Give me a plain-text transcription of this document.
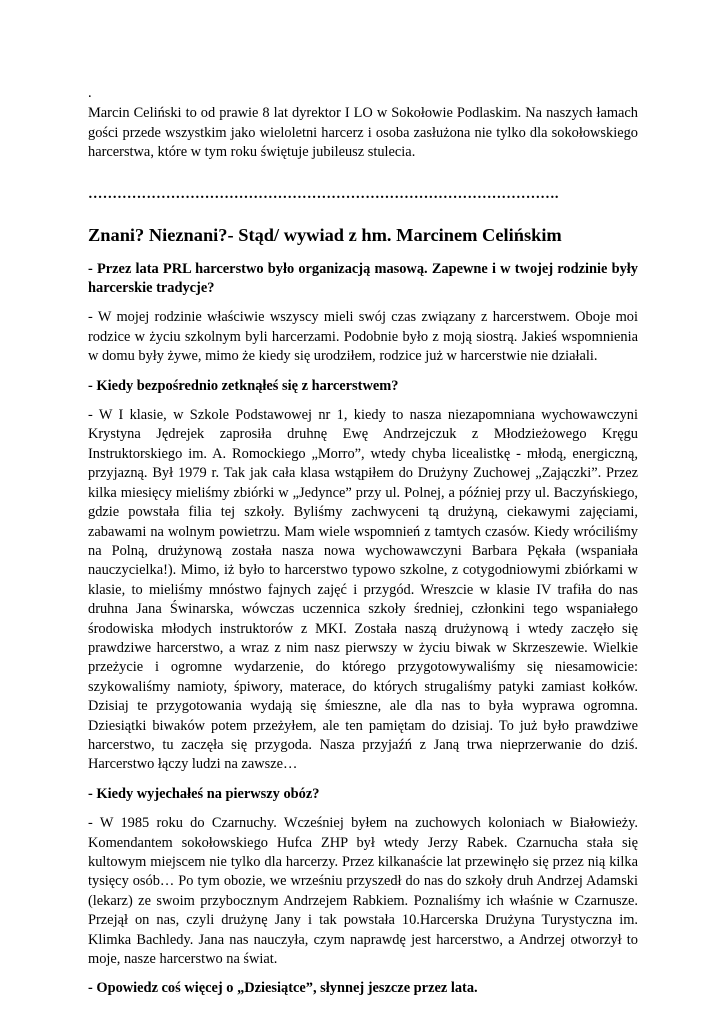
.

Marcin Celiński to od prawie 8 lat dyrektor I LO w Sokołowie Podlaskim. Na naszych łamach gości przede wszystkim jako wieloletni harcerz i osoba zasłużona nie tylko dla sokołowskiego harcerstwa, które w tym roku świętuje jubileusz stulecia.

…………………………………………………………………………………….

Znani? Nieznani?- Stąd/ wywiad z hm. Marcinem Celińskim

- Przez lata PRL harcerstwo było organizacją masową. Zapewne i w twojej rodzinie były harcerskie tradycje?

- W mojej rodzinie właściwie wszyscy mieli swój czas związany z harcerstwem. Oboje moi rodzice w życiu szkolnym byli harcerzami. Podobnie było z moją siostrą. Jakieś wspomnienia w domu były żywe, mimo że kiedy się urodziłem, rodzice już w harcerstwie nie działali.

- Kiedy bezpośrednio zetknąłeś się z harcerstwem?

- W I klasie, w Szkole Podstawowej nr 1, kiedy to nasza niezapomniana wychowawczyni Krystyna Jędrejek zaprosiła druhnę Ewę Andrzejczuk z Młodzieżowego Kręgu Instruktorskiego im. A. Romockiego „Morro”, wtedy chyba licealistkę - młodą, energiczną, przyjazną. Był 1979 r. Tak jak cała klasa wstąpiłem do Drużyny Zuchowej „Zajączki”. Przez kilka miesięcy mieliśmy zbiórki w „Jedynce” przy ul. Polnej, a później przy ul. Baczyńskiego, gdzie powstała filia tej szkoły. Byliśmy zachwyceni tą drużyną, ciekawymi zajęciami, zabawami na wolnym powietrzu. Mam wiele wspomnień z tamtych czasów. Kiedy wróciliśmy na Polną, drużynową została nasza nowa wychowawczyni Barbara Pękała (wspaniała nauczycielka!). Mimo, iż było to harcerstwo typowo szkolne, z cotygodniowymi zbiórkami w klasie, to mieliśmy mnóstwo fajnych zajęć i przygód. Wreszcie w klasie IV trafiła do nas druhna Jana Świnarska, wówczas uczennica szkoły średniej, członkini tego wspaniałego środowiska młodych instruktorów z MKI. Została naszą drużynową i wtedy zaczęło się prawdziwe harcerstwo, a wraz z nim nasz pierwszy w życiu biwak w Skrzeszewie. Wielkie przeżycie i ogromne wydarzenie, do którego przygotowywaliśmy się niesamowicie: szykowaliśmy namioty, śpiwory, materace, do których strugaliśmy patyki zamiast kołków. Dzisiaj te przygotowania wydają się śmieszne, ale dla nas to była wyprawa ogromna. Dziesiątki biwaków potem przeżyłem, ale ten pamiętam do dzisiaj. To już było prawdziwe harcerstwo, tu zaczęła się przygoda. Nasza przyjaźń z Janą trwa nieprzerwanie do dziś. Harcerstwo łączy ludzi na zawsze…

- Kiedy wyjechałeś na pierwszy obóz?

- W 1985 roku do Czarnuchy. Wcześniej byłem na zuchowych koloniach w Białowieży. Komendantem sokołowskiego Hufca ZHP był wtedy Jerzy Rabek. Czarnucha stała się kultowym miejscem nie tylko dla harcerzy. Przez kilkanaście lat przewinęło się przez nią kilka tysięcy osób… Po tym obozie, we wrześniu przyszedł do nas do szkoły druh Andrzej Adamski (lekarz) ze swoim przybocznym Andrzejem Rabkiem. Poznaliśmy ich właśnie w Czarnusze. Przejął on nas, czyli drużynę Jany i tak powstała 10.Harcerska Drużyna Turystyczna im. Klimka Bachledy. Jana nas nauczyła, czym naprawdę jest harcerstwo, a Andrzej otworzył to moje, nasze harcerstwo na świat.

- Opowiedz coś więcej o „Dziesiątce”, słynnej jeszcze przez lata.
